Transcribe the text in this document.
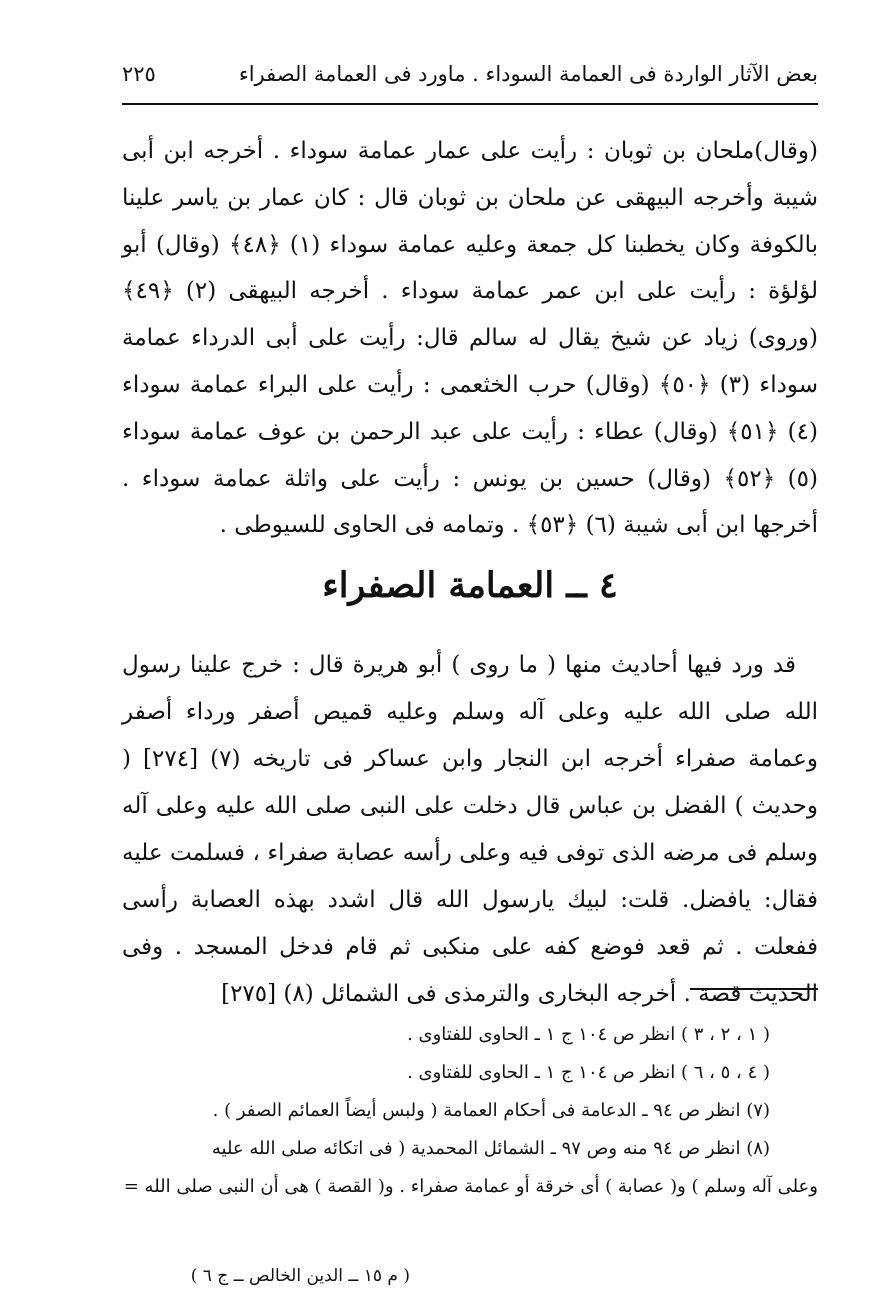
بعض الآثار الواردة فى العمامة السوداء . ماورد فى العمامة الصفراء
٢٢٥
(وقال)ملحان بن ثوبان : رأيت على عمار عمامة سوداء . أخرجه ابن أبى شيبة وأخرجه البيهقى عن ملحان بن ثوبان قال : كان عمار بن ياسر علينا بالكوفة وكان يخطبنا كل جمعة وعليه عمامة سوداء (١) ﴿٤٨﴾ (وقال) أبو لؤلؤة : رأيت على ابن عمر عمامة سوداء . أخرجه البيهقى (٢) ﴿٤٩﴾ (وروى) زياد عن شيخ يقال له سالم قال: رأيت على أبى الدرداء عمامة سوداء (٣) ﴿٥٠﴾ (وقال) حرب الخثعمى : رأيت على البراء عمامة سوداء (٤) ﴿٥١﴾ (وقال) عطاء : رأيت على عبد الرحمن بن عوف عمامة سوداء (٥) ﴿٥٢﴾ (وقال) حسين بن يونس : رأيت على واثلة عمامة سوداء . أخرجها ابن أبى شيبة (٦) ﴿٥٣﴾ . وتمامه فى الحاوى للسيوطى .
٤ ــ العمامة الصفراء
قد ورد فيها أحاديث منها ( ما روى ) أبو هريرة قال : خرج علينا رسول الله صلى الله عليه وعلى آله وسلم وعليه قميص أصفر ورداء أصفر وعمامة صفراء أخرجه ابن النجار وابن عساكر فى تاريخه (٧) [٢٧٤] ( وحديث ) الفضل بن عباس قال دخلت على النبى صلى الله عليه وعلى آله وسلم فى مرضه الذى توفى فيه وعلى رأسه عصابة صفراء ، فسلمت عليه فقال: يافضل. قلت: لبيك يارسول الله قال اشدد بهذه العصابة رأسى ففعلت . ثم قعد فوضع كفه على منكبى ثم قام فدخل المسجد . وفى الحديث قصة . أخرجه البخارى والترمذى فى الشمائل (٨) [٢٧٥]

( ١ ، ٢ ، ٣ ) انظر ص ١٠٤ ج ١ ـ الحاوى للفتاوى .

( ٤ ، ٥ ، ٦ ) انظر ص ١٠٤ ج ١ ـ الحاوى للفتاوى .

(٧) انظر ص ٩٤ ـ الدعامة فى أحكام العمامة ( ولبس أيضاً العمائم الصفر ) .

(٨) انظر ص ٩٤ منه وص ٩٧ ـ الشمائل المحمدية ( فى اتكائه صلى الله عليه

وعلى آله وسلم ) و( عصابة ) أى خرقة أو عمامة صفراء . و( القصة ) هى أن النبى صلى الله =

( م ١٥ ــ الدين الخالص ــ ج ٦ )
